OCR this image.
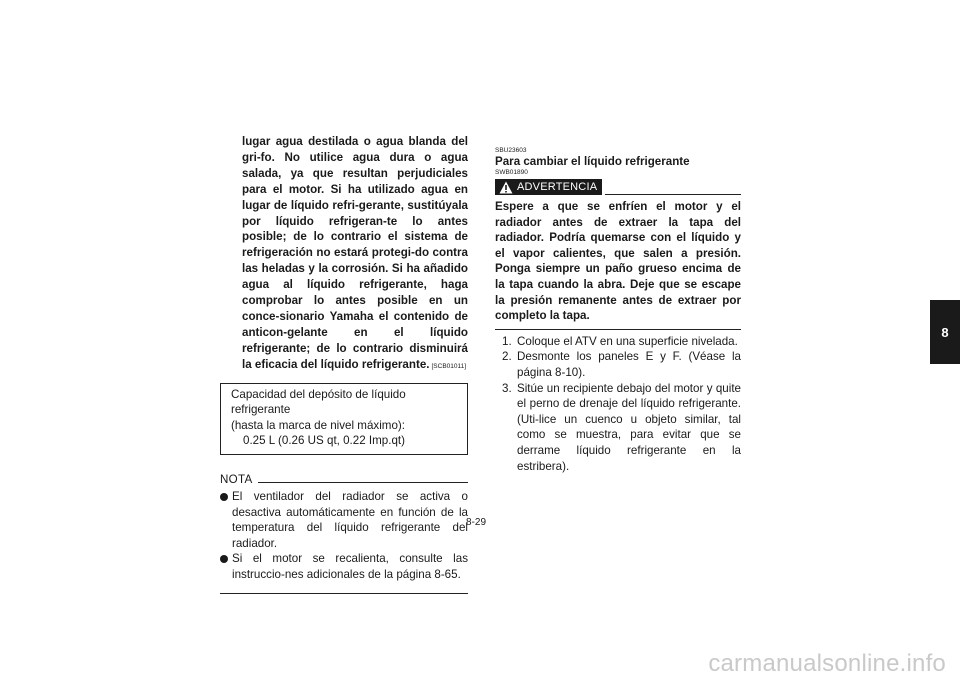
lugar agua destilada o agua blanda del gri-fo. No utilice agua dura o agua salada, ya que resultan perjudiciales para el motor. Si ha utilizado agua en lugar de líquido refri-gerante, sustitúyala por líquido refrigeran-te lo antes posible; de lo contrario el sistema de refrigeración no estará protegi-do contra las heladas y la corrosión. Si ha añadido agua al líquido refrigerante, haga comprobar lo antes posible en un conce-sionario Yamaha el contenido de anticon-gelante en el líquido refrigerante; de lo contrario disminuirá la eficacia del líquido refrigerante. [SCB01011]

Capacidad del depósito de líquido refrigerante
(hasta la marca de nivel máximo):
0.25 L (0.26 US qt, 0.22 Imp.qt)
NOTA
El ventilador del radiador se activa o desactiva automáticamente en función de la temperatura del líquido refrigerante del radiador.
Si el motor se recalienta, consulte las instruccio-nes adicionales de la página 8-65.
SBU23603
Para cambiar el líquido refrigerante
SWB01890
ADVERTENCIA
Espere a que se enfríen el motor y el radiador antes de extraer la tapa del radiador. Podría quemarse con el líquido y el vapor calientes, que salen a presión. Ponga siempre un paño grueso encima de la tapa cuando la abra. Deje que se escape la presión remanente antes de extraer por completo la tapa.
1. Coloque el ATV en una superficie nivelada.
2. Desmonte los paneles E y F. (Véase la página 8-10).
3. Sitúe un recipiente debajo del motor y quite el perno de drenaje del líquido refrigerante. (Uti-lice un cuenco u objeto similar, tal como se muestra, para evitar que se derrame líquido refrigerante en la estribera).
8
8-29
carmanualsonline.info
